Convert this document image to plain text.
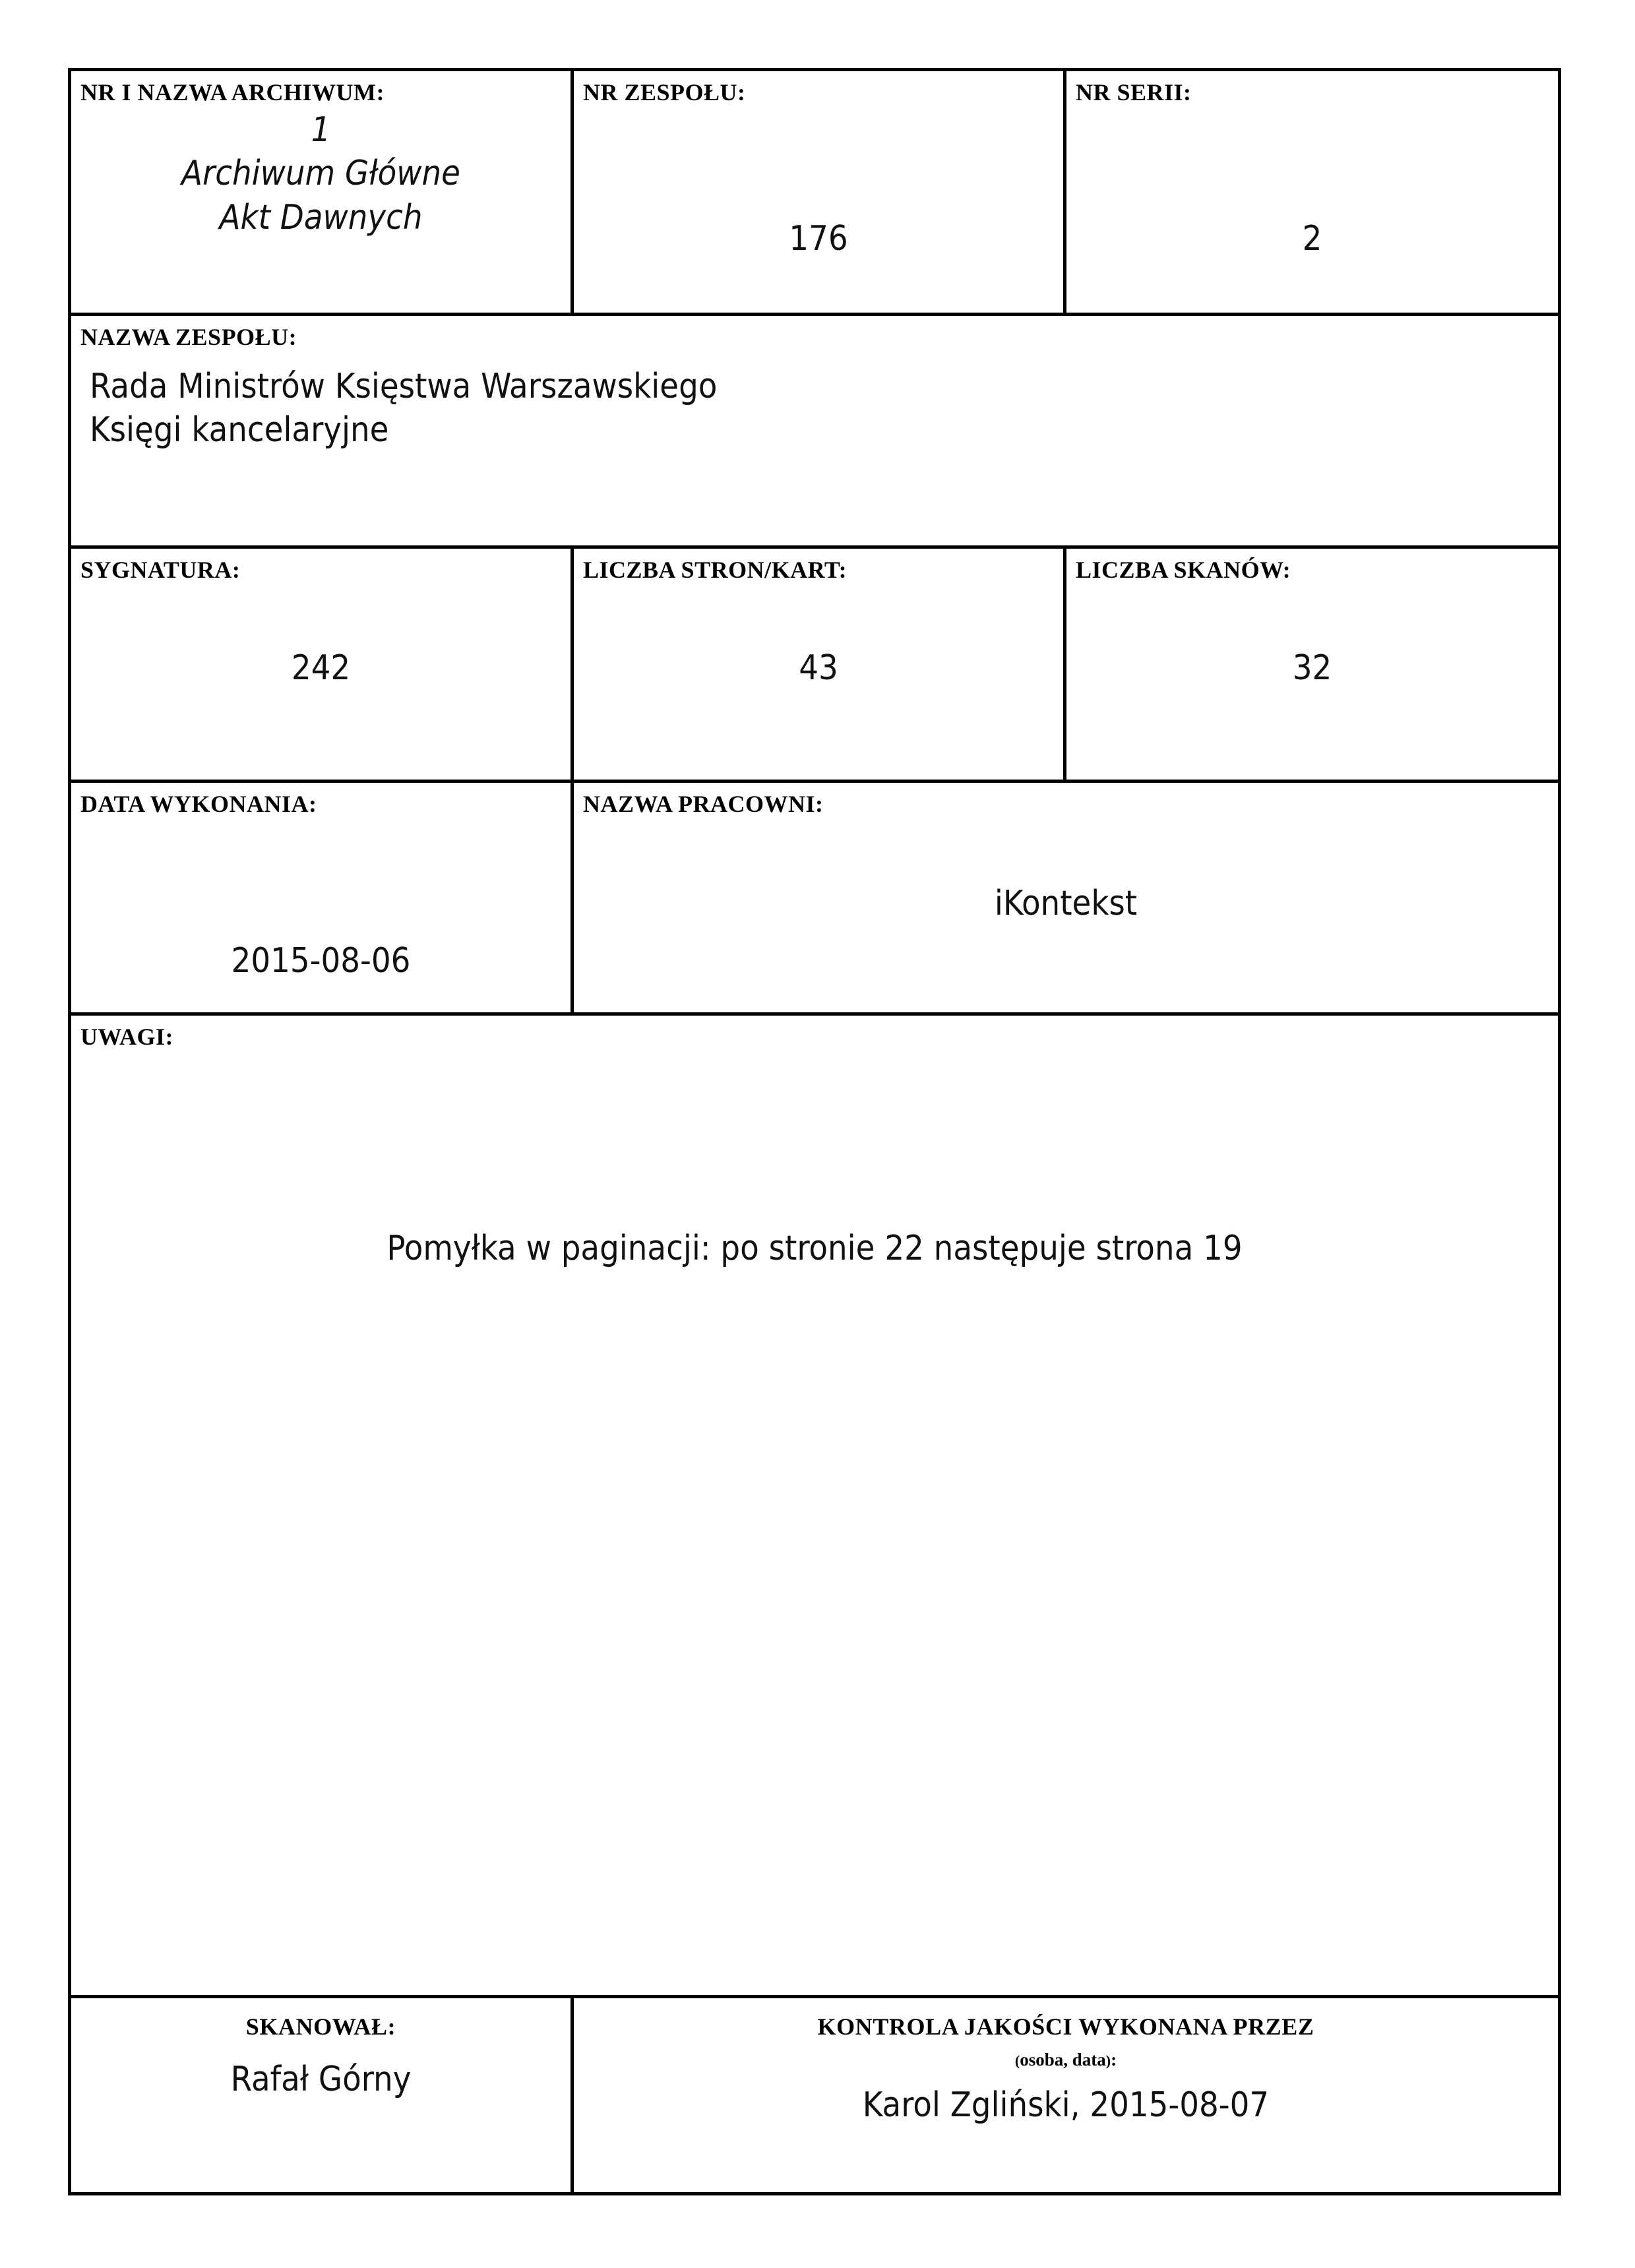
NR I NAZWA ARCHIWUM:
1
Archiwum Główne
Akt Dawnych	NR ZESPOŁU:
176	NR SERII:
2

NAZWA ZESPOŁU:
Rada Ministrów Księstwa Warszawskiego
Księgi kancelaryjne		

SYGNATURA:
242	LICZBA STRON/KART:
43	LICZBA SKANÓW:
32

DATA WYKONANIA:
2015-08-06	NAZWA PRACOWNI:
iKontekst	

UWAGI:
Pomyłka w paginacji: po stronie 22 następuje strona 19		

SKANOWAŁ:
Rafał Górny	KONTROLA JAKOŚCI WYKONANA PRZEZ
(osoba, data):
Karol Zgliński, 2015-08-07	
